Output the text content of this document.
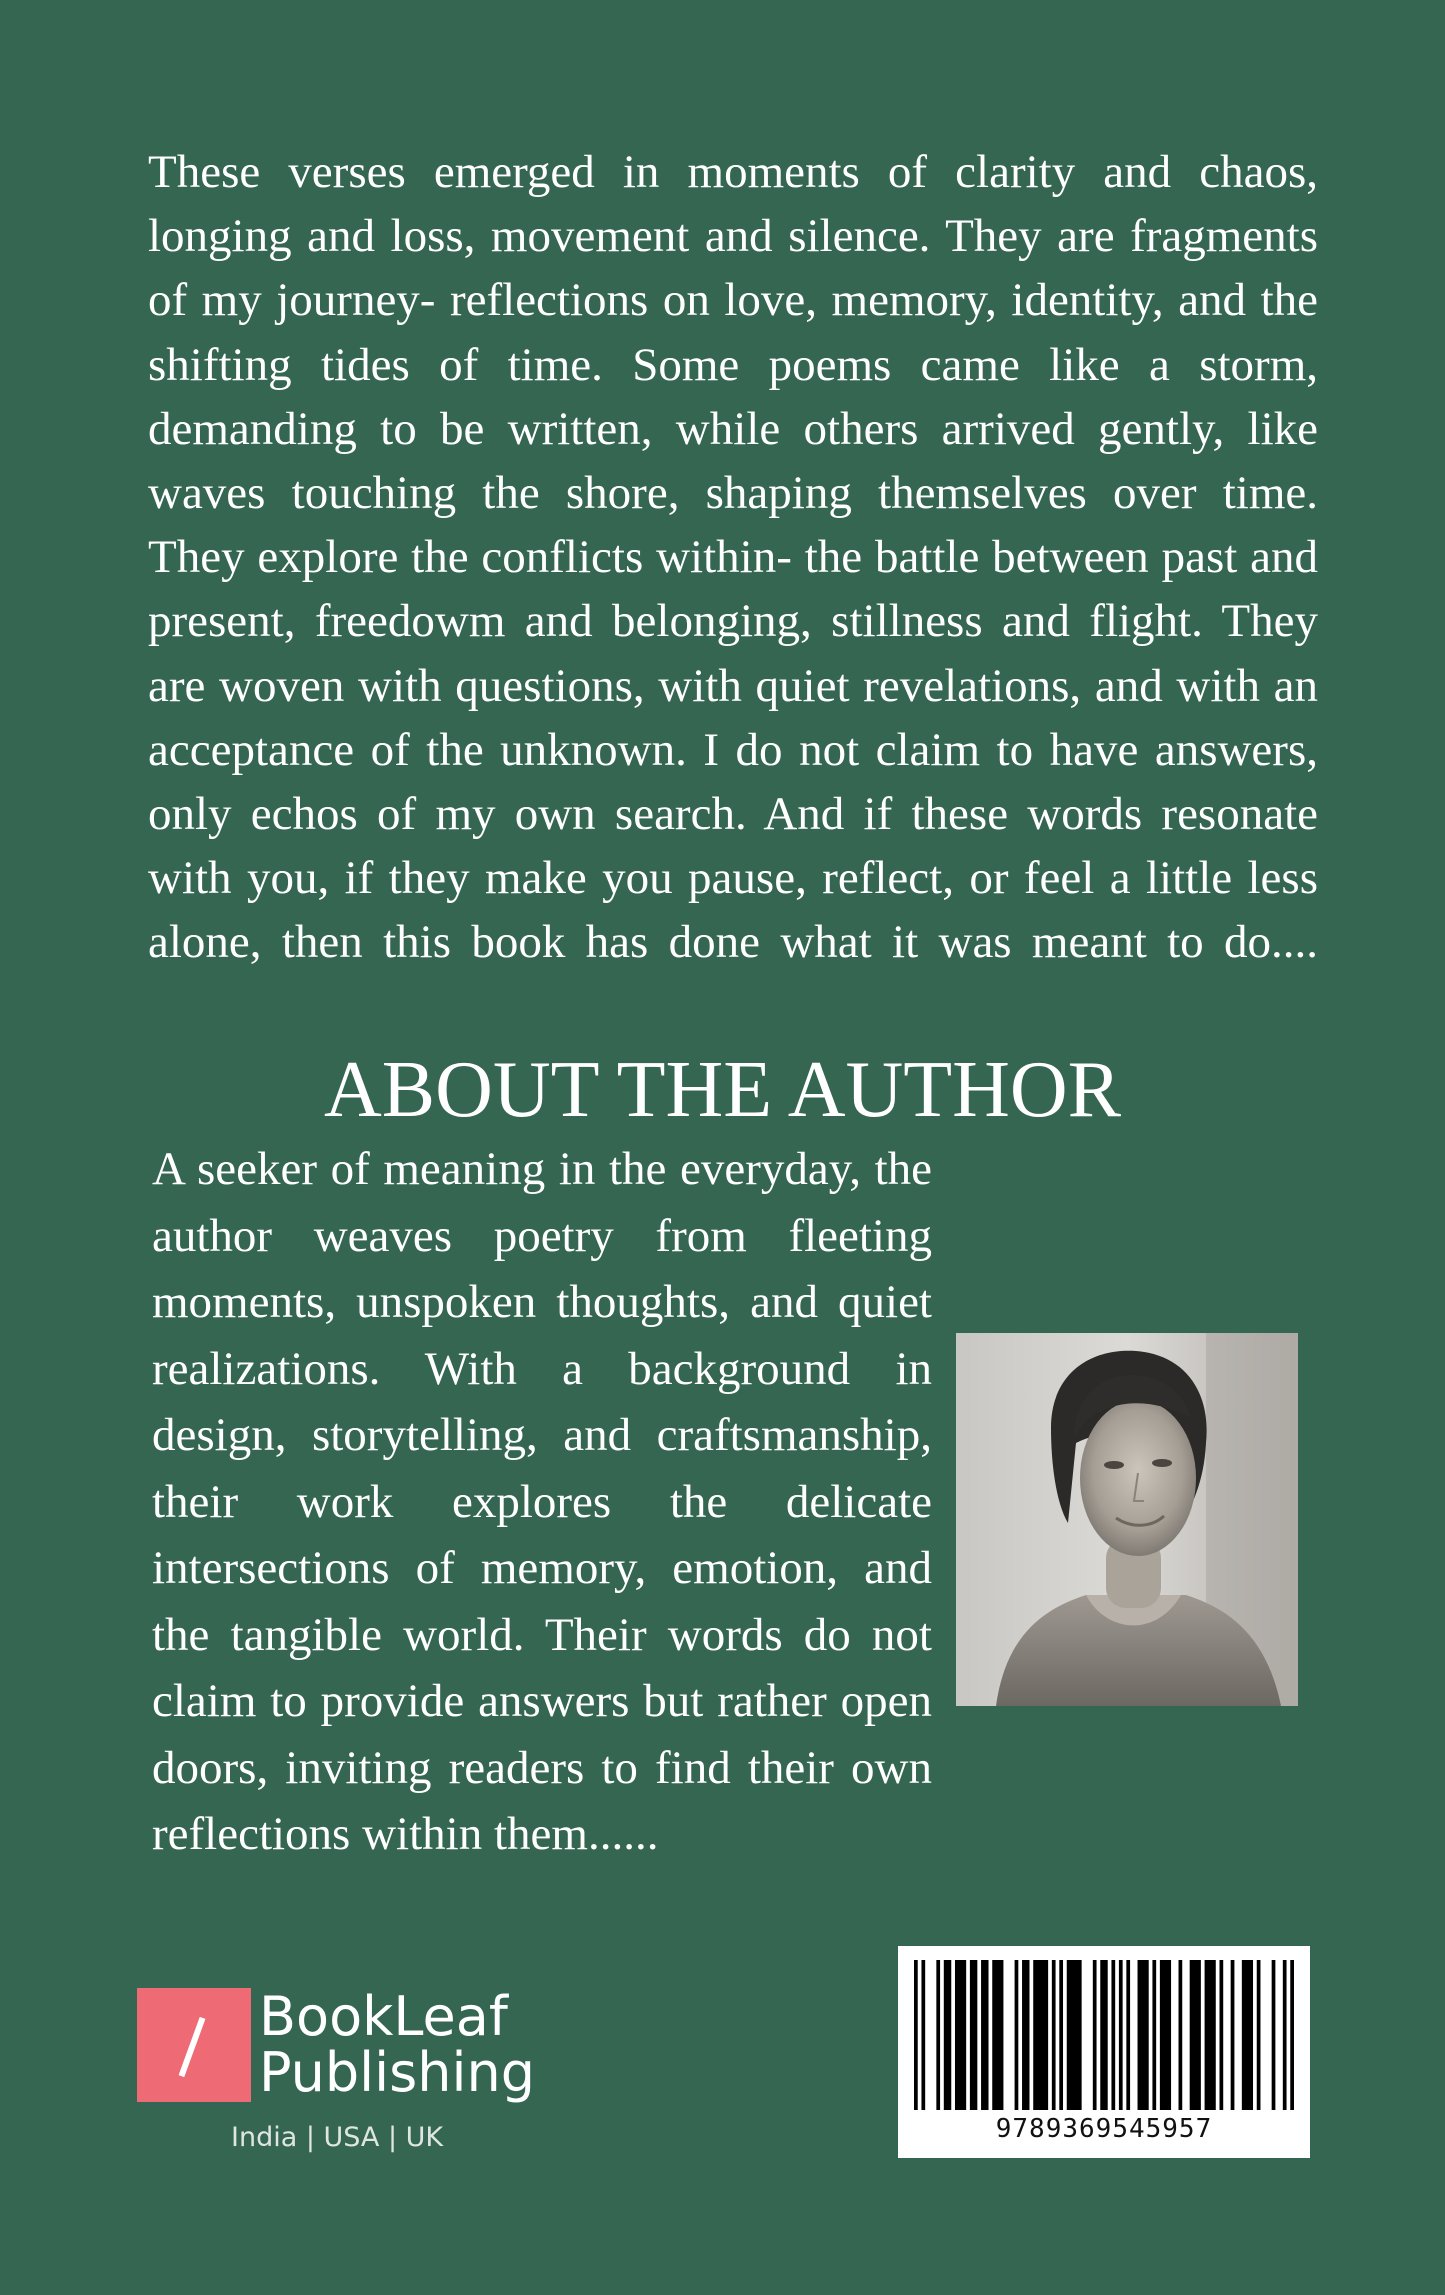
These verses emerged in moments of clarity and chaos, longing and loss, movement and silence. They are fragments of my journey- reflections on love, memory, identity, and the shifting tides of time. Some poems came like a storm, demanding to be written, while others arrived gently, like waves touching the shore, shaping themselves over time. They explore the conflicts within- the battle between past and present, freedowm and belonging, stillness and flight. They are woven with questions, with quiet revelations, and with an acceptance of the unknown. I do not claim to have answers, only echos of my own search. And if these words resonate with you, if they make you pause, reflect, or feel a little less alone, then this book has done what it was meant to do....

ABOUT THE AUTHOR

A seeker of meaning in the everyday, the author weaves poetry from fleeting moments, unspoken thoughts, and quiet realizations. With a background in design, storytelling, and craftsmanship, their work explores the delicate intersections of memory, emotion, and the tangible world. Their words do not claim to provide answers but rather open doors, inviting readers to find their own reflections within them......

BookLeaf
Publishing
India | USA | UK	9789369545957
